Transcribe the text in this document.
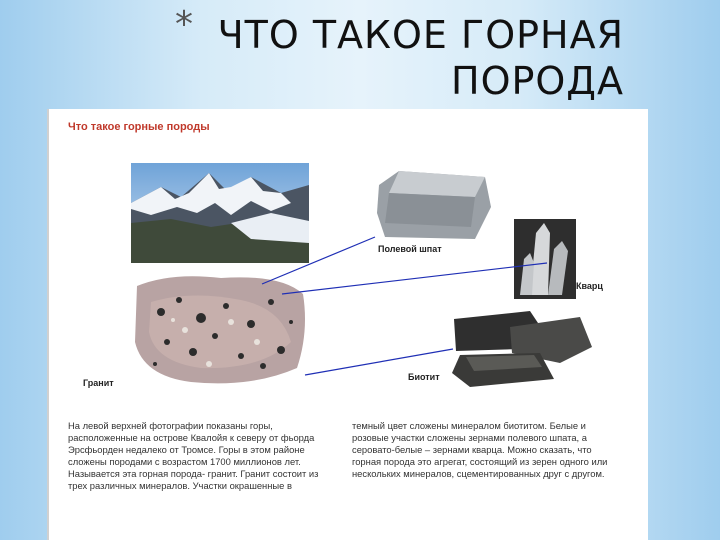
* ЧТО ТАКОЕ ГОРНАЯ
ПОРОДА
Что такое горные породы
Гранит
Полевой шпат
Кварц
Биотит
На левой верхней фотографии показаны горы, расположенные на острове Квалойя к северу от фьорда Эрсфьорден недалеко от Тромсе. Горы в этом районе сложены породами с возрастом 1700 миллионов лет. Называется эта горная порода- гранит. Гранит состоит из трех различных минералов. Участки окрашенные в
темный цвет сложены минералом биотитом. Белые и розовые участки сложены зернами полевого шпата, а серовато-белые – зернами кварца. Можно сказать, что горная порода это агрегат, состоящий из зерен одного или нескольких минералов, сцементированных друг с другом.
